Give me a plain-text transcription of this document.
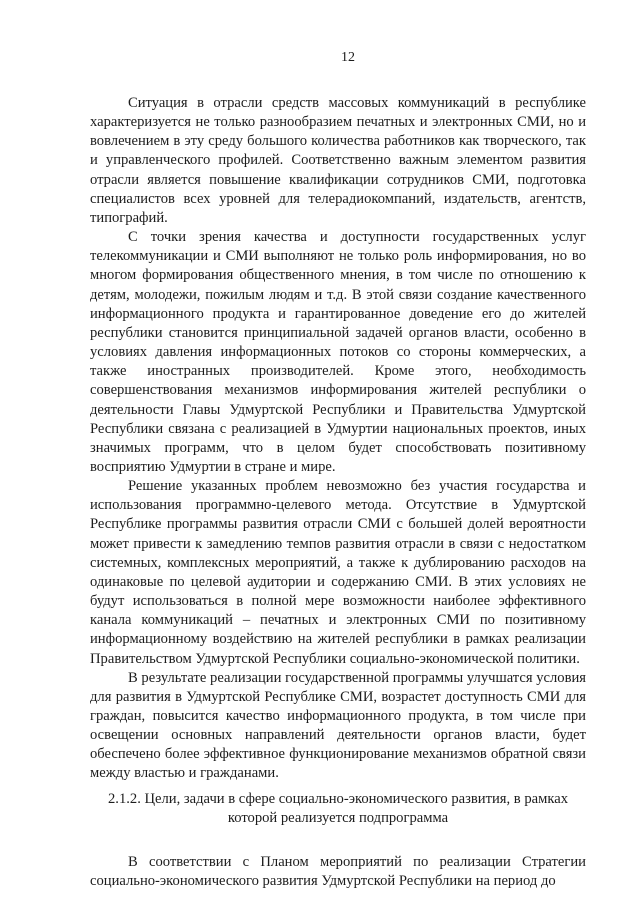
12

Ситуация в отрасли средств массовых коммуникаций в республике характеризуется не только разнообразием печатных и электронных СМИ, но и вовлечением в эту среду большого количества работников как творческого, так и управленческого профилей. Соответственно важным элементом развития отрасли является повышение квалификации сотрудников СМИ, подготовка специалистов всех уровней для телерадиокомпаний, издательств, агентств, типографий.

С точки зрения качества и доступности государственных услуг телекоммуникации и СМИ выполняют не только роль информирования, но во многом формирования общественного мнения, в том числе по отношению к детям, молодежи, пожилым людям и т.д. В этой связи создание качественного информационного продукта и гарантированное доведение его до жителей республики становится принципиальной задачей органов власти, особенно в условиях давления информационных потоков со стороны коммерческих, а также иностранных производителей. Кроме этого, необходимость совершенствования механизмов информирования жителей республики о деятельности Главы Удмуртской Республики и Правительства Удмуртской Республики связана с реализацией в Удмуртии национальных проектов, иных значимых программ, что в целом будет способствовать позитивному восприятию Удмуртии в стране и мире.

Решение указанных проблем невозможно без участия государства и использования программно-целевого метода. Отсутствие в Удмуртской Республике программы развития отрасли СМИ с большей долей вероятности может привести к замедлению темпов развития отрасли в связи с недостатком системных, комплексных мероприятий, а также к дублированию расходов на одинаковые по целевой аудитории и содержанию СМИ. В этих условиях не будут использоваться в полной мере возможности наиболее эффективного канала коммуникаций – печатных и электронных СМИ по позитивному информационному воздействию на жителей республики в рамках реализации Правительством Удмуртской Республики социально-экономической политики.

В результате реализации государственной программы улучшатся условия для развития в Удмуртской Республике СМИ, возрастет доступность СМИ для граждан, повысится качество информационного продукта, в том числе при освещении основных направлений деятельности органов власти, будет обеспечено более эффективное функционирование механизмов обратной связи между властью и гражданами.

2.1.2. Цели, задачи в сфере социально-экономического развития, в рамках которой реализуется подпрограмма

В соответствии с Планом мероприятий по реализации Стратегии социально-экономического развития Удмуртской Республики на период до
